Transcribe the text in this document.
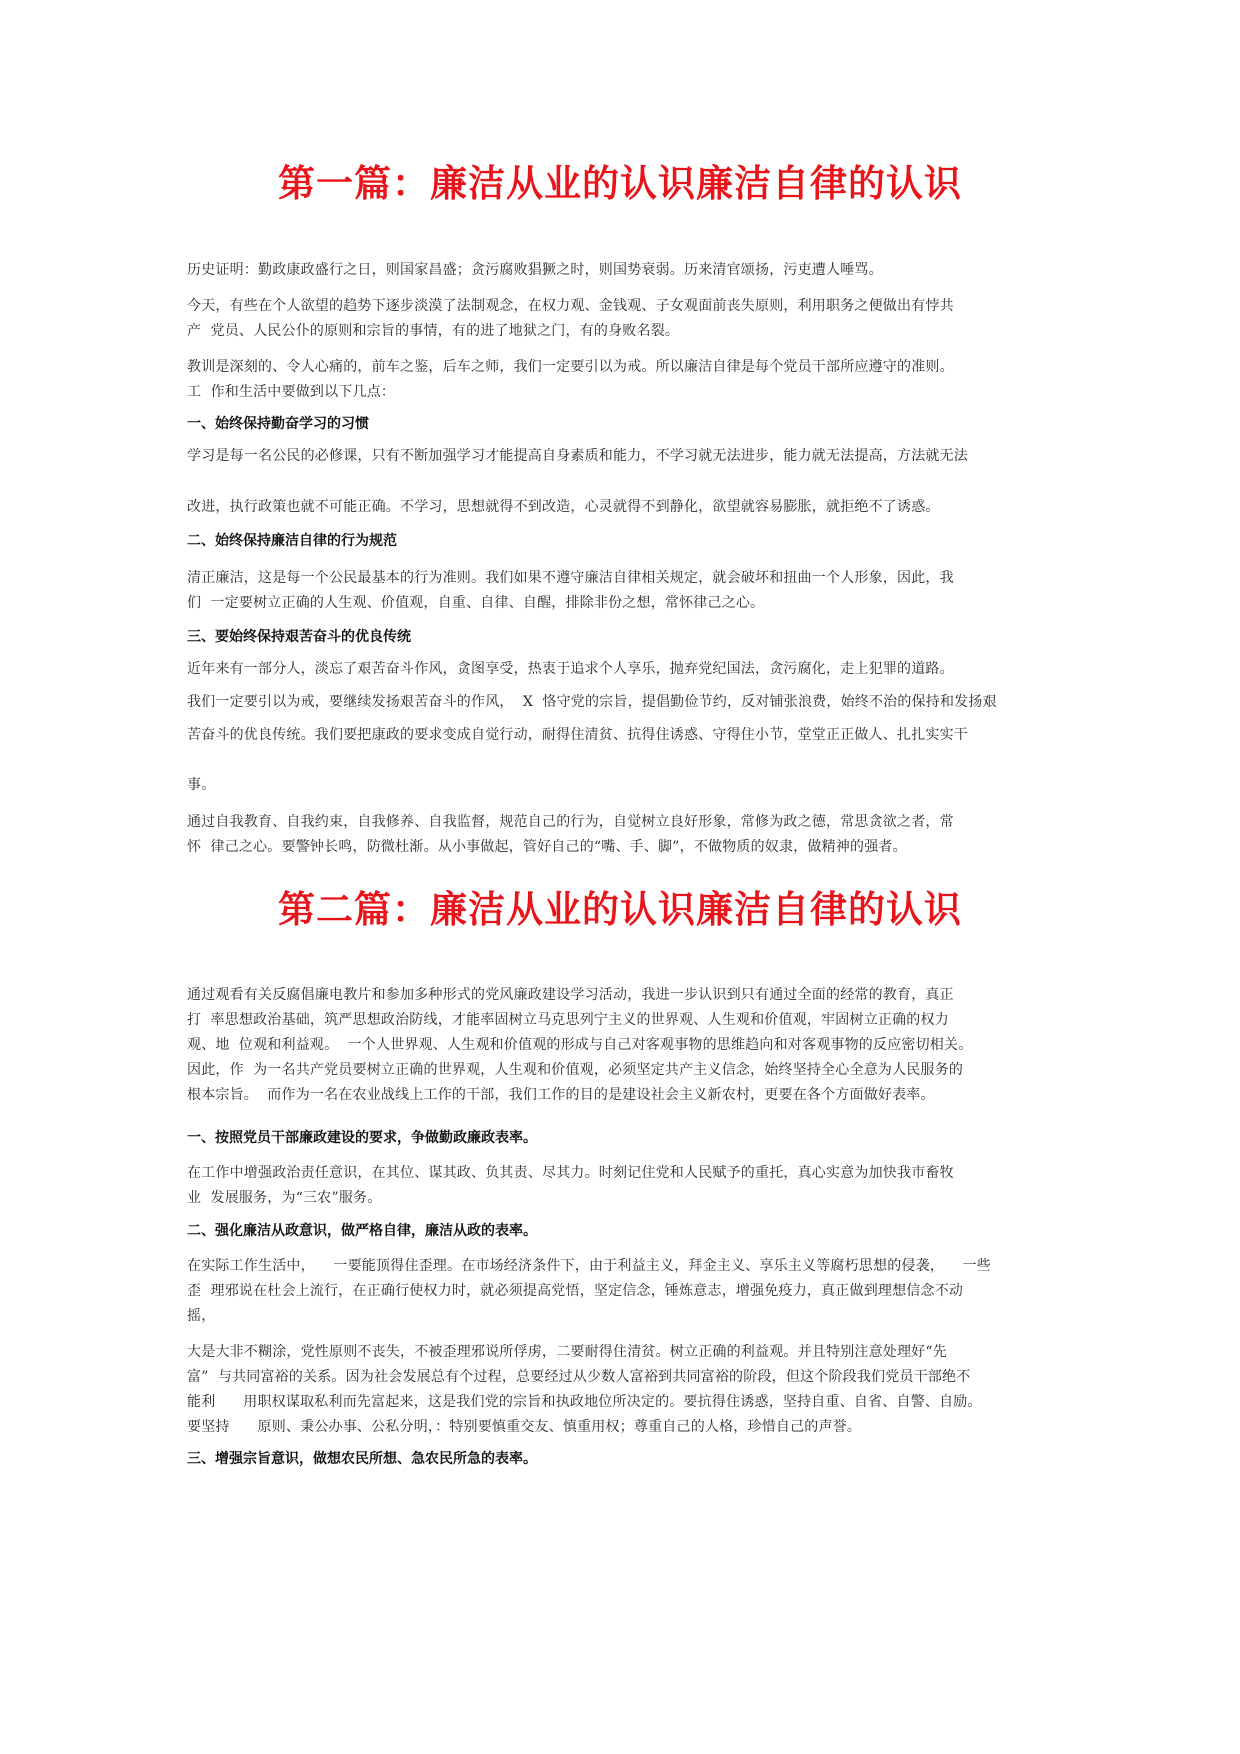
第一篇：廉洁从业的认识廉洁自律的认识

历史证明：勤政康政盛行之日，则国家昌盛；贪污腐败猖獗之时，则国势衰弱。历来清官颂扬，污吏遭人唾骂。

今天，有些在个人欲望的趋势下逐步淡漠了法制观念，在权力观、金钱观、子女观面前丧失原则，利用职务之便做出有悖共

产  党员、人民公仆的原则和宗旨的事情，有的进了地狱之门，有的身败名裂。

教训是深刻的、令人心痛的，前车之鉴，后车之师，我们一定要引以为戒。所以廉洁自律是每个党员干部所应遵守的准则。

工  作和生活中要做到以下几点：

一、始终保持勤奋学习的习惯

学习是每一名公民的必修课，只有不断加强学习才能提高自身素质和能力，不学习就无法进步，能力就无法提高，方法就无法

改进，执行政策也就不可能正确。不学习，思想就得不到改造，心灵就得不到静化，欲望就容易膨胀，就拒绝不了诱惑。

二、始终保持廉洁自律的行为规范

清正廉洁，这是每一个公民最基本的行为准则。我们如果不遵守廉洁自律相关规定，就会破坏和扭曲一个人形象，因此，我

们  一定要树立正确的人生观、价值观，自重、自律、自醒，排除非份之想，常怀律己之心。

三、要始终保持艰苦奋斗的优良传统

近年来有一部分人，淡忘了艰苦奋斗作风，贪图享受，热衷于追求个人享乐，抛弃党纪国法，贪污腐化，走上犯罪的道路。

我们一定要引以为戒，要继续发扬艰苦奋斗的作风，  X  恪守党的宗旨，提倡勤俭节约，反对铺张浪费，始终不治的保持和发扬艰

苦奋斗的优良传统。我们要把康政的要求变成自觉行动，耐得住清贫、抗得住诱惑、守得住小节，堂堂正正做人、扎扎实实干

事。

通过自我教育、自我约束，自我修养、自我监督，规范自己的行为，自觉树立良好形象，常修为政之德，常思贪欲之者，常

怀  律己之心。要警钟长鸣，防微杜渐。从小事做起，管好自己的“嘴、手、脚”，不做物质的奴隶，做精神的强者。

第二篇：廉洁从业的认识廉洁自律的认识

通过观看有关反腐倡廉电教片和参加多种形式的党风廉政建设学习活动，我进一步认识到只有通过全面的经常的教育，真正

打  率思想政治基础，筑严思想政治防线，才能率固树立马克思列宁主义的世界观、人生观和价值观，牢固树立正确的权力

观、地  位观和利益观。  一个人世界观、人生观和价值观的形成与自己对客观事物的思维趋向和对客观事物的反应密切相关。

因此，作  为一名共产党员要树立正确的世界观，人生观和价值观，必须坚定共产主义信念，始终坚持全心全意为人民服务的

根本宗旨。  而作为一名在农业战线上工作的干部，我们工作的目的是建设社会主义新农村，更要在各个方面做好表率。

一、按照党员干部廉政建设的要求，争做勤政廉政表率。

在工作中增强政治责任意识，在其位、谋其政、负其责、尽其力。时刻记住党和人民赋予的重托，真心实意为加快我市畜牧

业  发展服务，为“三农”服务。

二、强化廉洁从政意识，做严格自律，廉洁从政的表率。

在实际工作生活中，    一要能顶得住歪理。在市场经济条件下，由于利益主义，拜金主义、享乐主义等腐朽思想的侵袭，    一些

歪  理邪说在杜会上流行，在正确行使权力时，就必须提高党悟，坚定信念，锤炼意志，增强免疫力，真正做到理想信念不动

摇，

大是大非不糊涂，党性原则不丧失，不被歪理邪说所俘虏，二要耐得住清贫。树立正确的利益观。并且特别注意处理好“先

富”  与共同富裕的关系。因为社会发展总有个过程，总要经过从少数人富裕到共同富裕的阶段，但这个阶段我们党员干部绝不

能利      用职权谋取私利而先富起来，这是我们党的宗旨和执政地位所决定的。要抗得住诱惑，坚持自重、自省、自警、自励。

要坚持      原则、秉公办事、公私分明，：特别要慎重交友、慎重用权；尊重自己的人格，珍惜自己的声誉。

三、增强宗旨意识，做想农民所想、急农民所急的表率。
